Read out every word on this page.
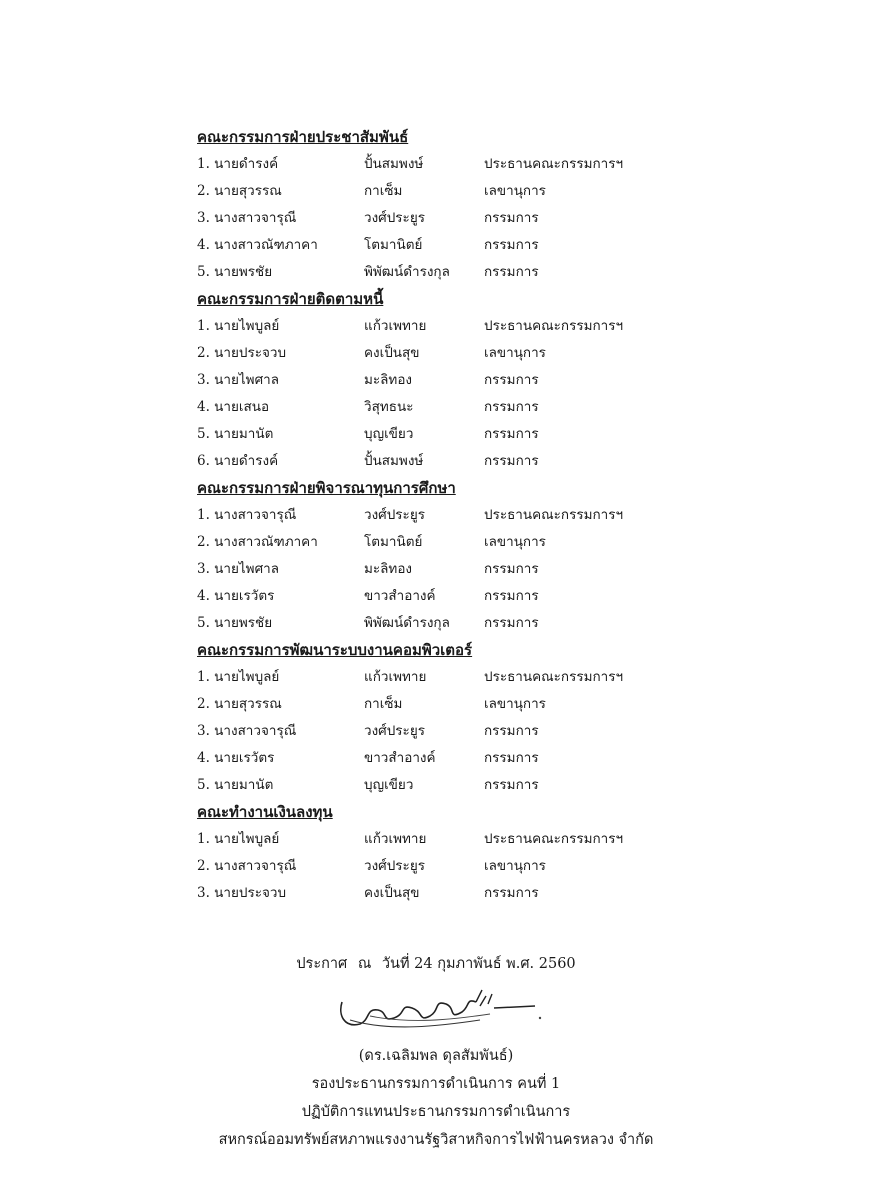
คณะกรรมการฝ่ายประชาสัมพันธ์
1. นายดำรงค์	ปั้นสมพงษ์	ประธานคณะกรรมการฯ
2. นายสุวรรณ	กาเซ็ม	เลขานุการ
3. นางสาวจารุณี	วงศ์ประยูร	กรรมการ
4. นางสาวณัฑภาคา	โตมานิตย์	กรรมการ
5. นายพรชัย	พิพัฒน์ดำรงกุล	กรรมการ
คณะกรรมการฝ่ายติดตามหนี้
1. นายไพบูลย์	แก้วเพทาย	ประธานคณะกรรมการฯ
2. นายประจวบ	คงเป็นสุข	เลขานุการ
3. นายไพศาล	มะลิทอง	กรรมการ
4. นายเสนอ	วิสุทธนะ	กรรมการ
5. นายมานัต	บุญเขียว	กรรมการ
6. นายดำรงค์	ปั้นสมพงษ์	กรรมการ
คณะกรรมการฝ่ายพิจารณาทุนการศึกษา
1. นางสาวจารุณี	วงศ์ประยูร	ประธานคณะกรรมการฯ
2. นางสาวณัฑภาคา	โตมานิตย์	เลขานุการ
3. นายไพศาล	มะลิทอง	กรรมการ
4. นายเรวัตร	ขาวสำอางค์	กรรมการ
5. นายพรชัย	พิพัฒน์ดำรงกุล	กรรมการ
คณะกรรมการพัฒนาระบบงานคอมพิวเตอร์
1. นายไพบูลย์	แก้วเพทาย	ประธานคณะกรรมการฯ
2. นายสุวรรณ	กาเซ็ม	เลขานุการ
3. นางสาวจารุณี	วงศ์ประยูร	กรรมการ
4. นายเรวัตร	ขาวสำอางค์	กรรมการ
5. นายมานัต	บุญเขียว	กรรมการ
คณะทำงานเงินลงทุน
1. นายไพบูลย์	แก้วเพทาย	ประธานคณะกรรมการฯ
2. นางสาวจารุณี	วงศ์ประยูร	เลขานุการ
3. นายประจวบ	คงเป็นสุข	กรรมการ
ประกาศ ณ วันที่ 24 กุมภาพันธ์ พ.ศ. 2560
(ดร.เฉลิมพล ดุลสัมพันธ์)
รองประธานกรรมการดำเนินการ คนที่ 1
ปฏิบัติการแทนประธานกรรมการดำเนินการ
สหกรณ์ออมทรัพย์สหภาพแรงงานรัฐวิสาหกิจการไฟฟ้านครหลวง จำกัด
